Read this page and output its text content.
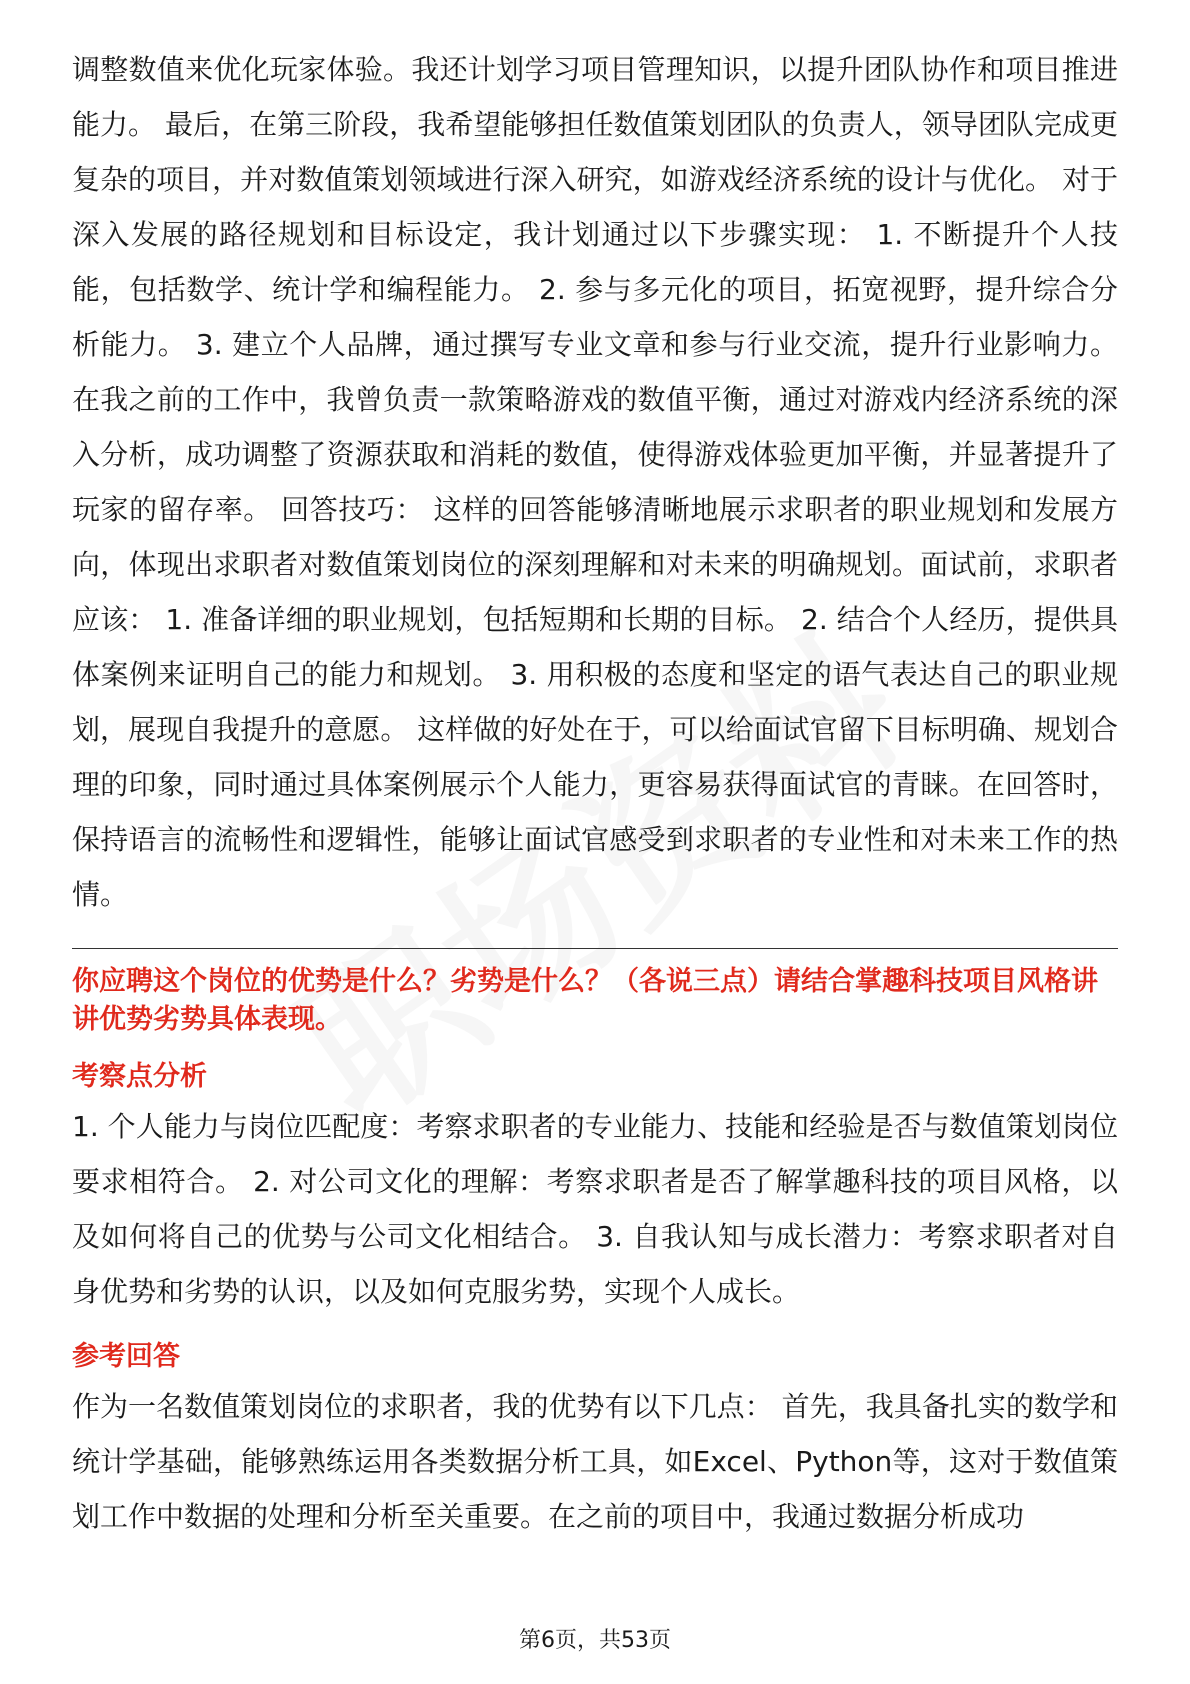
调整数值来优化玩家体验。我还计划学习项目管理知识，以提升团队协作和项目推进能力。 最后，在第三阶段，我希望能够担任数值策划团队的负责人，领导团队完成更复杂的项目，并对数值策划领域进行深入研究，如游戏经济系统的设计与优化。 对于深入发展的路径规划和目标设定，我计划通过以下步骤实现： 1. 不断提升个人技能，包括数学、统计学和编程能力。 2. 参与多元化的项目，拓宽视野，提升综合分析能力。 3. 建立个人品牌，通过撰写专业文章和参与行业交流，提升行业影响力。 在我之前的工作中，我曾负责一款策略游戏的数值平衡，通过对游戏内经济系统的深入分析，成功调整了资源获取和消耗的数值，使得游戏体验更加平衡，并显著提升了玩家的留存率。 回答技巧： 这样的回答能够清晰地展示求职者的职业规划和发展方向，体现出求职者对数值策划岗位的深刻理解和对未来的明确规划。面试前，求职者应该： 1. 准备详细的职业规划，包括短期和长期的目标。 2. 结合个人经历，提供具体案例来证明自己的能力和规划。 3. 用积极的态度和坚定的语气表达自己的职业规划，展现自我提升的意愿。 这样做的好处在于，可以给面试官留下目标明确、规划合理的印象，同时通过具体案例展示个人能力，更容易获得面试官的青睐。在回答时，保持语言的流畅性和逻辑性，能够让面试官感受到求职者的专业性和对未来工作的热情。

你应聘这个岗位的优势是什么？劣势是什么？（各说三点）请结合掌趣科技项目风格讲讲优势劣势具体表现。

考察点分析

1. 个人能力与岗位匹配度：考察求职者的专业能力、技能和经验是否与数值策划岗位要求相符合。 2. 对公司文化的理解：考察求职者是否了解掌趣科技的项目风格，以及如何将自己的优势与公司文化相结合。 3. 自我认知与成长潜力：考察求职者对自身优势和劣势的认识，以及如何克服劣势，实现个人成长。

参考回答

作为一名数值策划岗位的求职者，我的优势有以下几点： 首先，我具备扎实的数学和统计学基础，能够熟练运用各类数据分析工具，如Excel、Python等，这对于数值策划工作中数据的处理和分析至关重要。在之前的项目中，我通过数据分析成功

第6页，共53页
